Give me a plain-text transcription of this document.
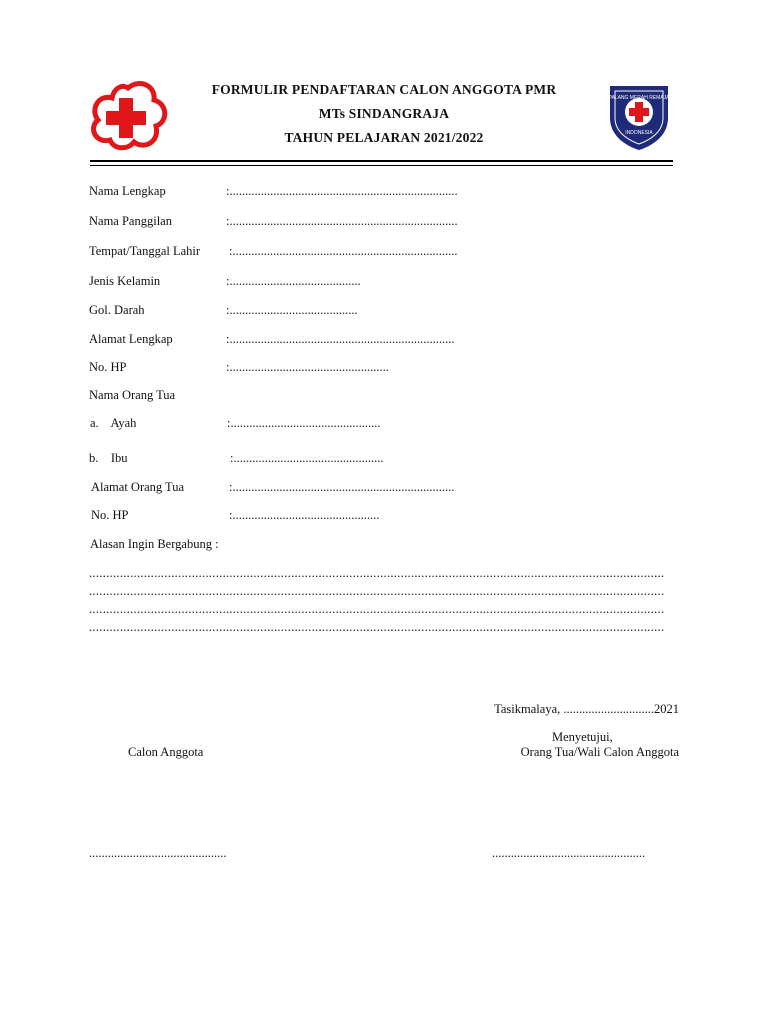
PALANG MERAH REMAJA
INDONESIA
FORMULIR PENDAFTARAN CALON ANGGOTA PMR
MTs SINDANGRAJA
TAHUN PELAJARAN 2021/2022
Nama Lengkap	:.........................................................................
Nama Panggilan	:.........................................................................
Tempat/Tanggal Lahir :........................................................................
Jenis Kelamin	:..........................................
Gol. Darah	:.........................................
Alamat Lengkap	:........................................................................
No. HP	:...................................................
Nama Orang Tua
a.    Ayah	:................................................
b.    Ibu	:................................................
Alamat Orang Tua	:.......................................................................
No. HP	:...............................................
Alasan Ingin Bergabung :
........................................................................................................................................................................
........................................................................................................................................................................
........................................................................................................................................................................
........................................................................................................................................................................
Tasikmalaya, .............................2021
Menyetujui,
Orang Tua/Wali Calon Anggota
Calon Anggota
............................................	.................................................
